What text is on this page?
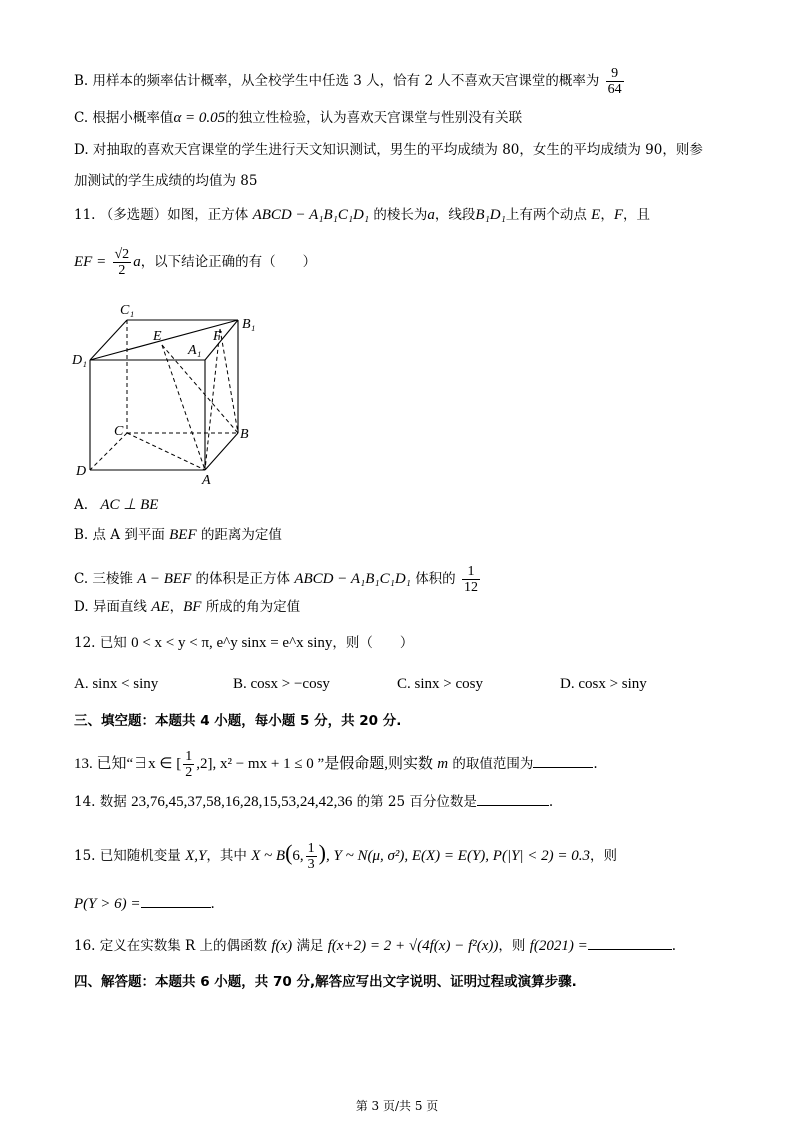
B. 用样本的频率估计概率，从全校学生中任选 3 人，恰有 2 人不喜欢天宫课堂的概率为 $\frac{9}{64}$
C. 根据小概率值α = 0.05的独立性检验，认为喜欢天宫课堂与性别没有关联
D. 对抽取的喜欢天宫课堂的学生进行天文知识测试，男生的平均成绩为 80，女生的平均成绩为 90，则参
加测试的学生成绩的均值为 85
11. （多选题）如图，正方体 ABCD − A₁B₁C₁D₁ 的棱长为a，线段B₁D₁上有两个动点 E，F，且
EF = $\frac{√2}{2}$ a，以下结论正确的有（　　）
C₁
B₁
E	F
A₁
D₁
C	B
D
A
A. AC ⊥ BE
B. 点 A 到平面 BEF 的距离为定值
C. 三棱锥 A − BEF 的体积是正方体 ABCD − A₁B₁C₁D₁ 体积的 $\frac{1}{12}$
D. 异面直线 AE，BF 所成的角为定值
12. 已知 0 < x < y < π, e^y sinx = e^x siny，则（　　）
A. sinx < siny	B. cosx > −cosy	C. sinx > cosy	D. cosx > siny
三、填空题：本题共 4 小题，每小题 5 分，共 20 分.
13. 已知“∃x ∈ [ $\frac{1}{2} ,2$], x² − mx + 1 ≤ 0 ”是假命题,则实数 m 的取值范围为	.
14. 数据 23,76,45,37,58,16,28,15,53,24,42,36 的第 25 百分位数是	.
15. 已知随机变量 X,Y，其中 X ~ B(6, $\frac{1}{3}$ ), Y ~ N(μ, σ²), E(X) = E(Y), P(|Y| < 2) = 0.3，则
P(Y > 6) =	.
16. 定义在实数集 R 上的偶函数 f(x) 满足 f(x+2) = 2 + √(4f(x) − f²(x))，则 f(2021) =	.
四、解答题：本题共 6 小题，共 70 分,解答应写出文字说明、证明过程或演算步骤.
第 3 页/共 5 页
